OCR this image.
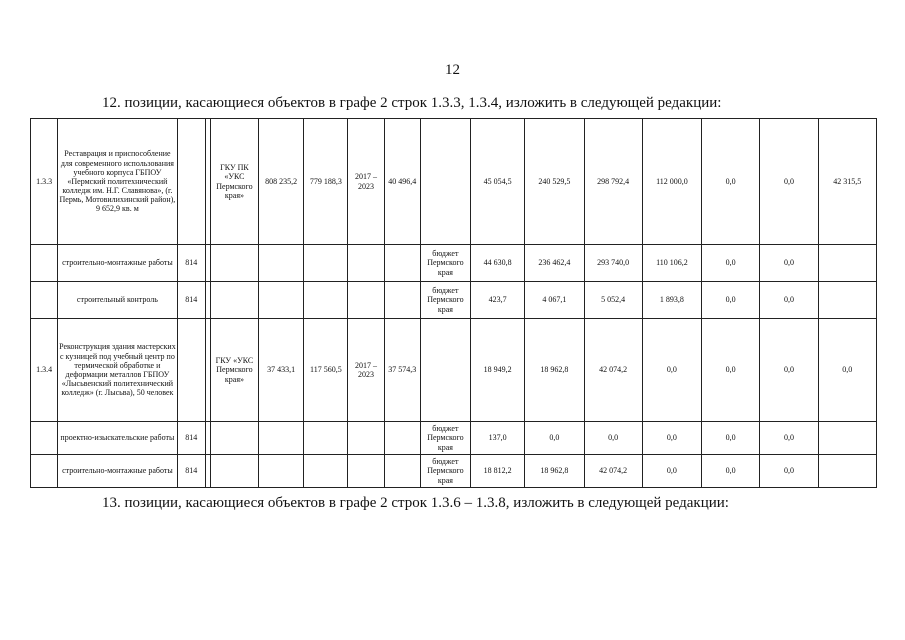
12
12. позиции, касающиеся объектов в графе 2 строк 1.3.3, 1.3.4, изложить в следующей редакции:
1.3.3	Реставрация и приспособление для современного использования учебного корпуса ГБПОУ «Пермский политехнический колледж им. Н.Г. Славянова», (г. Пермь, Мотовилихинский район), 9 652,9 кв. м			ГКУ ПК «УКС Пермского края»	808 235,2	779 188,3	2017 – 2023	40 496,4		45 054,5	240 529,5	298 792,4	112 000,0	0,0	0,0	42 315,5
	строительно-монтажные работы	814							бюджет Пермского края	44 630,8	236 462,4	293 740,0	110 106,2	0,0	0,0	
	строительный контроль	814							бюджет Пермского края	423,7	4 067,1	5 052,4	1 893,8	0,0	0,0	
1.3.4	Реконструкция здания мастерских с кузницей под учебный центр по термической обработке и деформации металлов ГБПОУ «Лысьвенский политехнический колледж» (г. Лысьва), 50 человек			ГКУ «УКС Пермского края»	37 433,1	117 560,5	2017 – 2023	37 574,3		18 949,2	18 962,8	42 074,2	0,0	0,0	0,0	0,0
	проектно-изыскательские работы	814							бюджет Пермского края	137,0	0,0	0,0	0,0	0,0	0,0	
	строительно-монтажные работы	814							бюджет Пермского края	18 812,2	18 962,8	42 074,2	0,0	0,0	0,0	
13. позиции, касающиеся объектов в графе 2 строк 1.3.6 – 1.3.8, изложить в следующей редакции:
